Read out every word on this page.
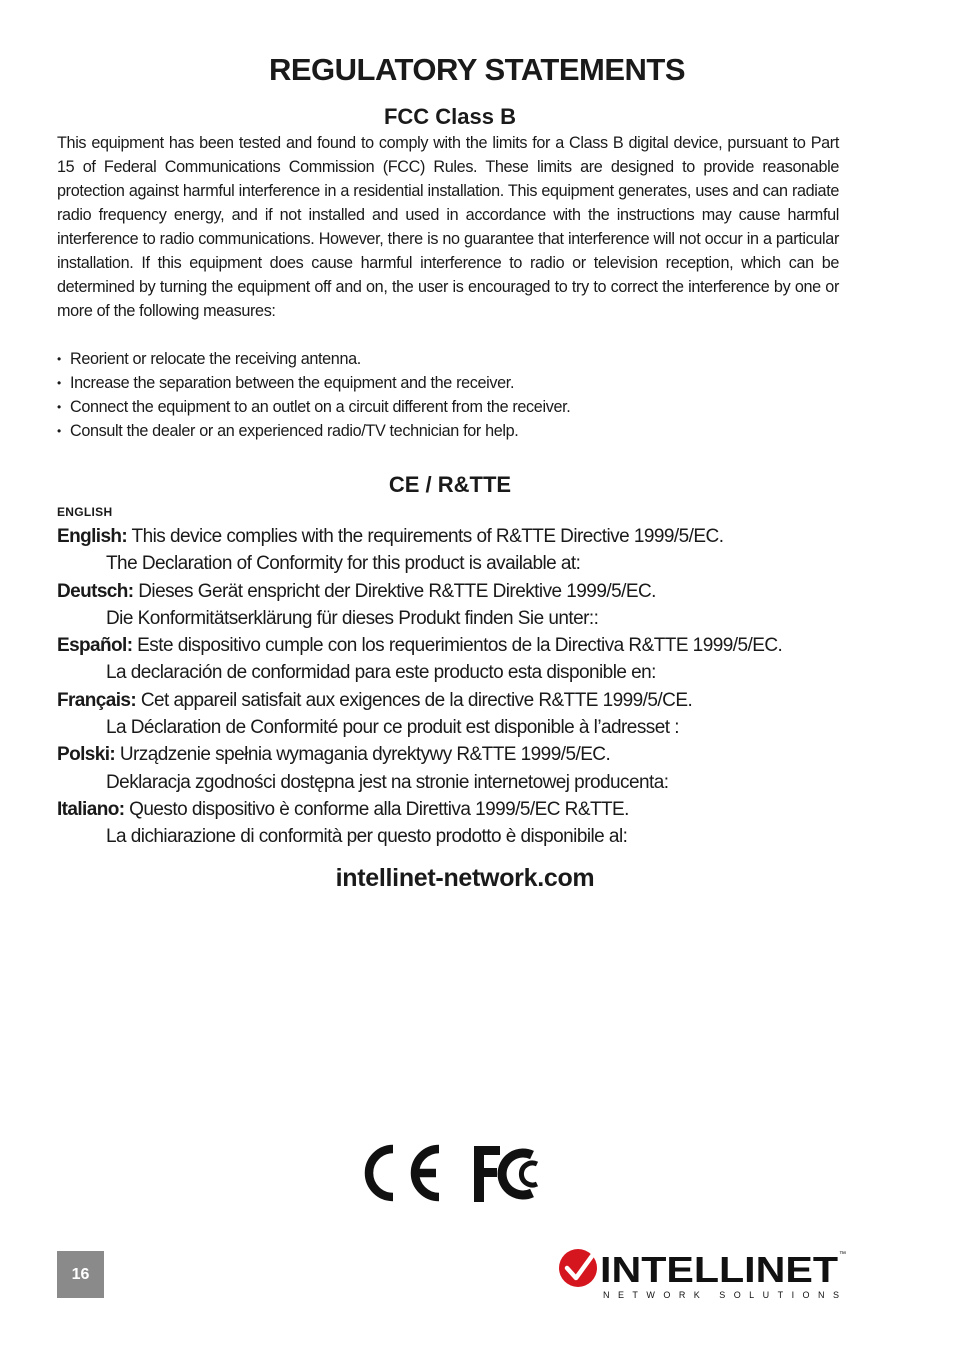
REGULATORY STATEMENTS
FCC Class B
This equipment has been tested and found to comply with the limits for a Class B digital device, pursuant to Part 15 of Federal Communications Commission (FCC) Rules. These limits are designed to provide reasonable protection against harmful interference in a residential installation. This equipment generates, uses and can radiate radio frequency energy, and if not installed and used in accordance with the instructions may cause harmful interference to radio communications. However, there is no guarantee that interference will not occur in a particular installation. If this equipment does cause harmful interference to radio or television reception, which can be determined by turning the equipment off and on, the user is encouraged to try to correct the interference by one or more of the following measures:
• Reorient or relocate the receiving antenna.
• Increase the separation between the equipment and the receiver.
• Connect the equipment to an outlet on a circuit different from the receiver.
• Consult the dealer or an experienced radio/TV technician for help.
CE / R&TTE
ENGLISH
English: This device complies with the requirements of R&TTE Directive 1999/5/EC.
The Declaration of Conformity for this product is available at:
Deutsch: Dieses Gerät enspricht der Direktive R&TTE Direktive 1999/5/EC.
Die Konformitätserklärung für dieses Produkt finden Sie unter::
Español: Este dispositivo cumple con los requerimientos de la Directiva R&TTE 1999/5/EC.
La declaración de conformidad para este producto esta disponible en:
Français: Cet appareil satisfait aux exigences de la directive R&TTE 1999/5/CE.
La Déclaration de Conformité pour ce produit est disponible à l’adresset :
Polski: Urządzenie spełnia wymagania dyrektywy R&TTE 1999/5/EC.
Deklaracja zgodności dostępna jest na stronie internetowej producenta:
Italiano: Questo dispositivo è conforme alla Direttiva 1999/5/EC R&TTE.
La dichiarazione di conformità per questo prodotto è disponibile al:
intellinet-network.com
16	INTELLINET ™
NETWORK SOLUTIONS
